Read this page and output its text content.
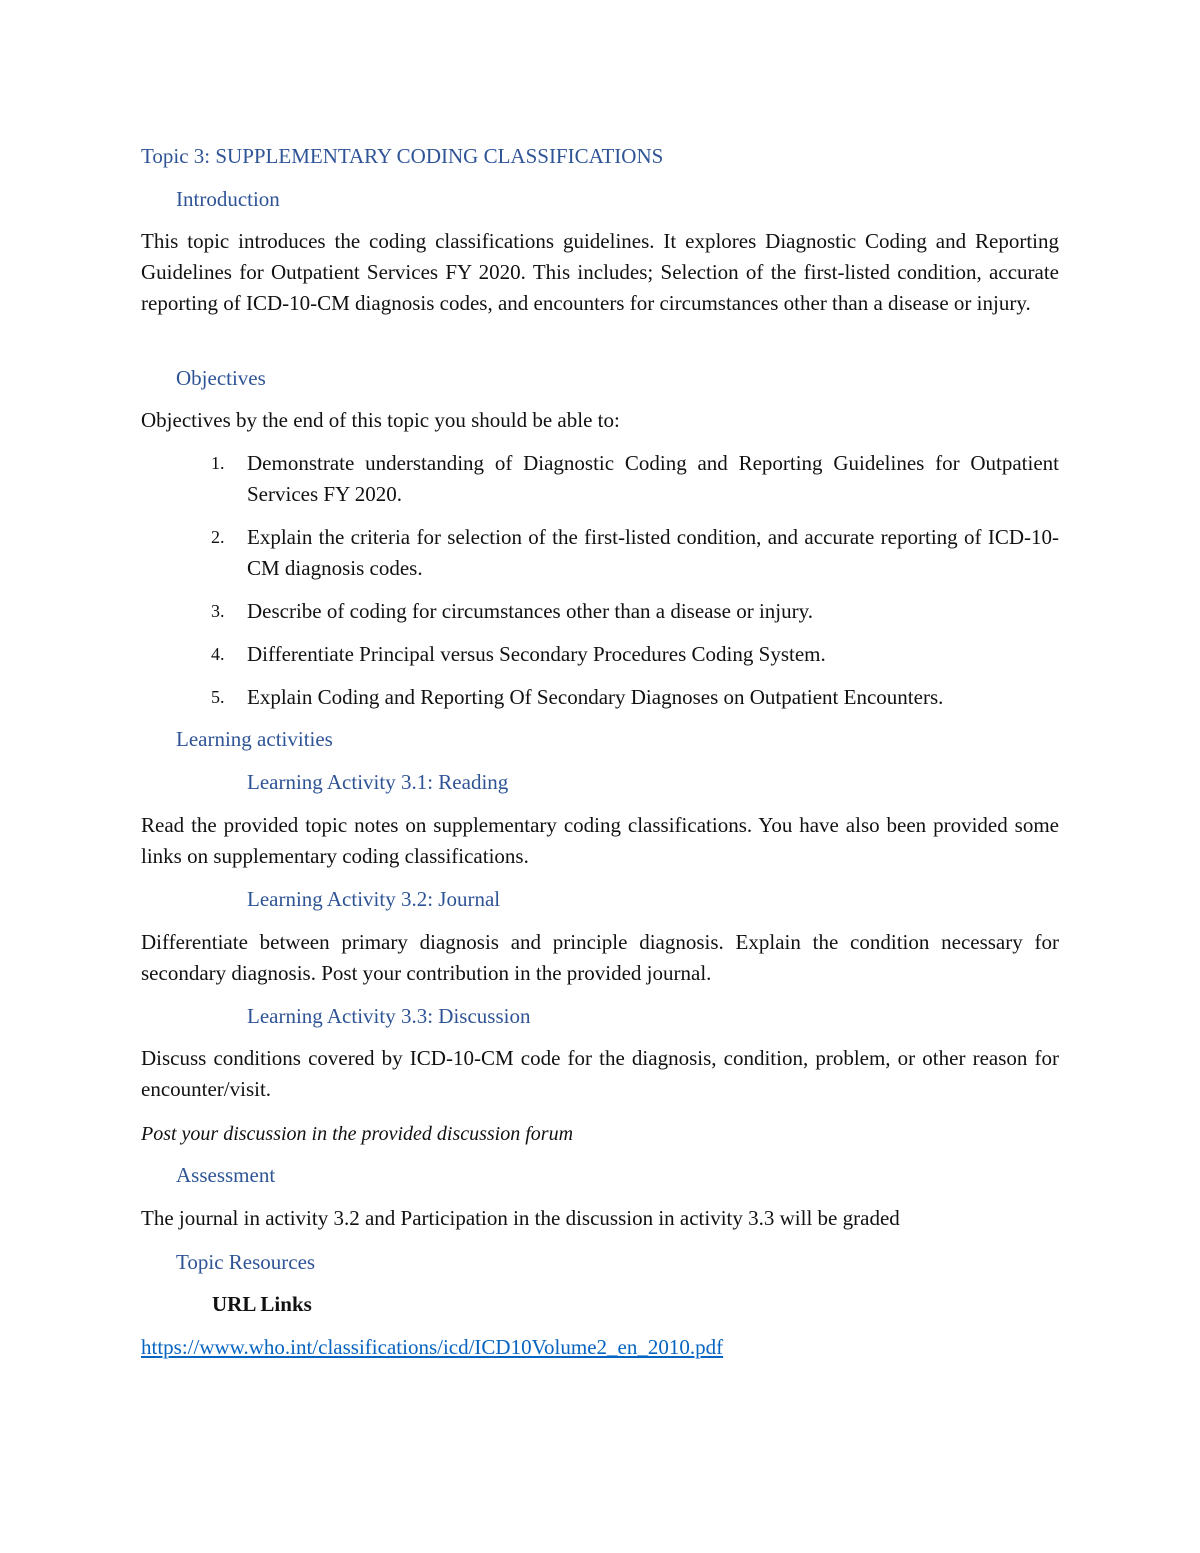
Topic 3: SUPPLEMENTARY CODING CLASSIFICATIONS

Introduction

This topic introduces the coding classifications guidelines. It explores Diagnostic Coding and Reporting Guidelines for Outpatient Services FY 2020. This includes; Selection of the first-listed condition, accurate reporting of ICD-10-CM diagnosis codes, and encounters for circumstances other than a disease or injury.

Objectives

Objectives by the end of this topic you should be able to:

1. Demonstrate understanding of Diagnostic Coding and Reporting Guidelines for Outpatient Services FY 2020.
2. Explain the criteria for selection of the first-listed condition, and accurate reporting of ICD-10-CM diagnosis codes.
3. Describe of coding for circumstances other than a disease or injury.
4. Differentiate Principal versus Secondary Procedures Coding System.
5. Explain Coding and Reporting Of Secondary Diagnoses on Outpatient Encounters.

Learning activities

Learning Activity 3.1: Reading

Read the provided topic notes on supplementary coding classifications. You have also been provided some links on supplementary coding classifications.

Learning Activity 3.2: Journal

Differentiate between primary diagnosis and principle diagnosis. Explain the condition necessary for secondary diagnosis. Post your contribution in the provided journal.

Learning Activity 3.3: Discussion

Discuss conditions covered by ICD-10-CM code for the diagnosis, condition, problem, or other reason for encounter/visit.

Post your discussion in the provided discussion forum

Assessment

The journal in activity 3.2 and Participation in the discussion in activity 3.3 will be graded

Topic Resources

URL Links

https://www.who.int/classifications/icd/ICD10Volume2_en_2010.pdf
